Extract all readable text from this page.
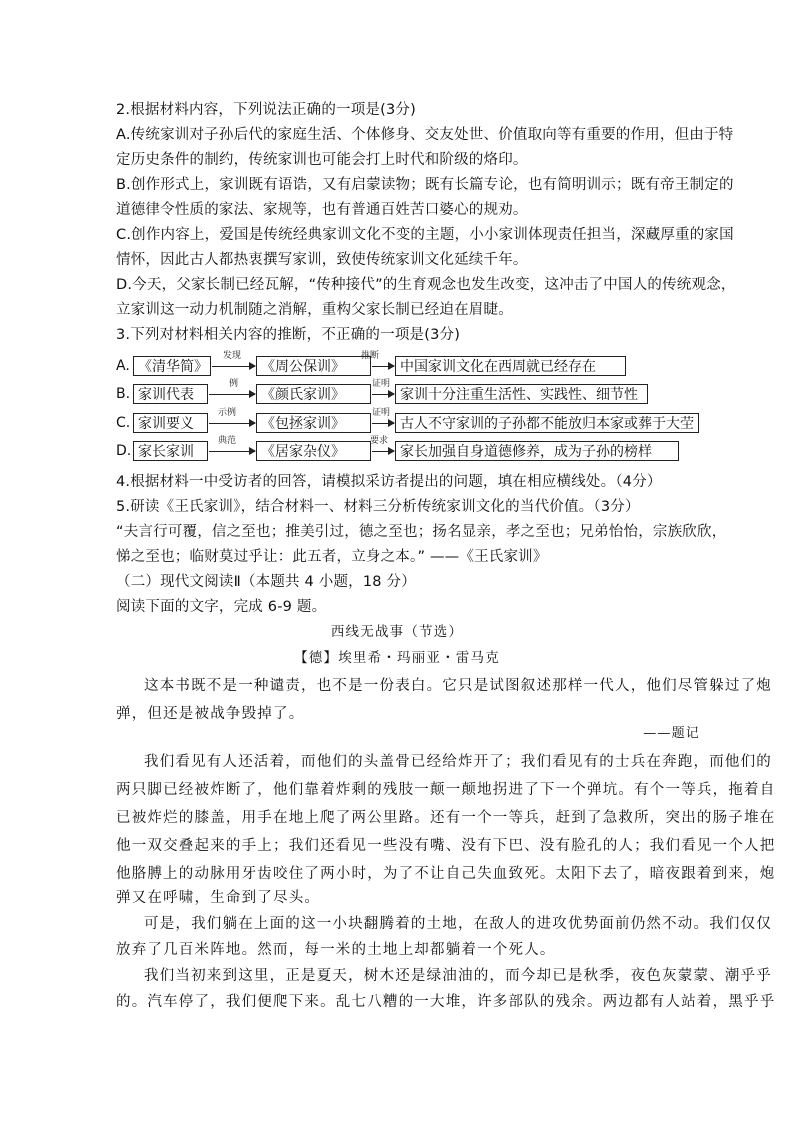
2.根据材料内容，下列说法正确的一项是(3分)
A.传统家训对子孙后代的家庭生活、个体修身、交友处世、价值取向等有重要的作用，但由于特
定历史条件的制约，传统家训也可能会打上时代和阶级的烙印。
B.创作形式上，家训既有语诰，又有启蒙读物；既有长篇专论，也有简明训示；既有帝王制定的
道德律令性质的家法、家规等，也有普通百姓苦口婆心的规劝。
C.创作内容上，爱国是传统经典家训文化不变的主题，小小家训体现责任担当，深藏厚重的家国
情怀，因此古人都热衷撰写家训，致使传统家训文化延续千年。
D.今天，父家长制已经瓦解，“传种接代”的生育观念也发生改变，这冲击了中国人的传统观念，
立家训这一动力机制随之消解，重构父家长制已经迫在眉睫。
3.下列对材料相关内容的推断，不正确的一项是(3分)
A. 《清华简》
发现
《周公保训》
推断
中国家训文化在西周就已经存在
B. 家训代表
例
《颜氏家训》
证明
家训十分注重生活性、实践性、细节性
C. 家训要义
示例
《包拯家训》
证明
古人不守家训的子孙都不能放归本家或葬于大茔
D. 家长家训
典范
《居家杂仪》
要求
家长加强自身道德修养，成为子孙的榜样
4.根据材料一中受访者的回答，请模拟采访者提出的问题，填在相应横线处。（4分）
5.研读《王氏家训》，结合材料一、材料三分析传统家训文化的当代价值。（3分）
“夫言行可覆，信之至也；推美引过，德之至也；扬名显亲，孝之至也；兄弟怡怡，宗族欣欣，
悌之至也；临财莫过乎让：此五者，立身之本。” ——《王氏家训》
（二）现代文阅读Ⅱ（本题共 4 小题，18 分）
阅读下面的文字，完成 6-9 题。
西线无战事（节选）
【德】埃里希・玛丽亚・雷马克
这本书既不是一种谴责，也不是一份表白。它只是试图叙述那样一代人，他们尽管躲过了炮
弹，但还是被战争毁掉了。
——题记
我们看见有人还活着，而他们的头盖骨已经给炸开了；我们看见有的士兵在奔跑，而他们的
两只脚已经被炸断了，他们靠着炸剩的残肢一颠一颠地拐进了下一个弹坑。有个一等兵，拖着自
已被炸烂的膝盖，用手在地上爬了两公里路。还有一个一等兵，赶到了急救所，突出的肠子堆在
他一双交叠起来的手上；我们还看见一些没有嘴、没有下巴、没有脸孔的人；我们看见一个人把
他胳膊上的动脉用牙齿咬住了两小时，为了不让自己失血致死。太阳下去了，暗夜跟着到来，炮
弹又在呼啸，生命到了尽头。
可是，我们躺在上面的这一小块翻腾着的土地，在敌人的进攻优势面前仍然不动。我们仅仅
放弃了几百米阵地。然而，每一米的土地上却都躺着一个死人。
我们当初来到这里，正是夏天，树木还是绿油油的，而今却已是秋季，夜色灰蒙蒙、潮乎乎
的。汽车停了，我们便爬下来。乱七八糟的一大堆，许多部队的残余。两边都有人站着，黑乎乎
